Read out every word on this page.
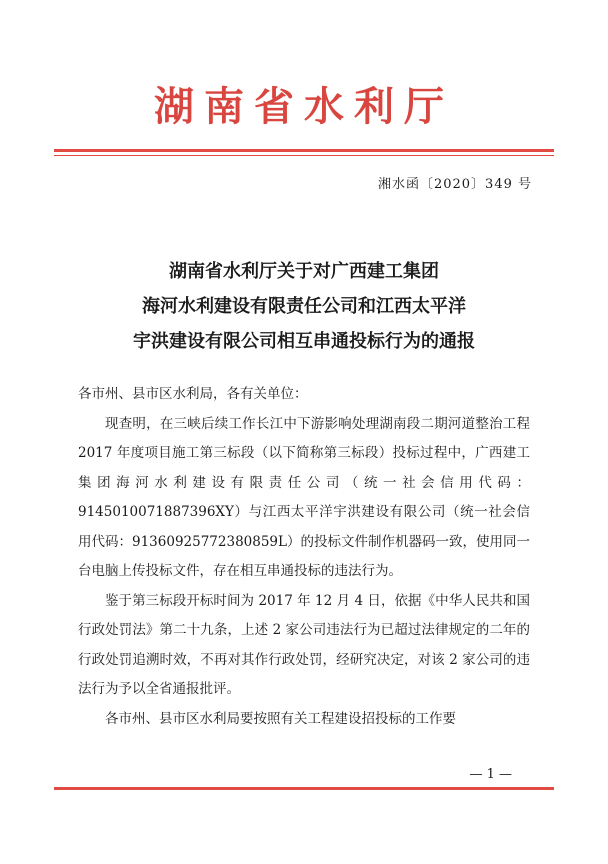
湖南省水利厅
湘水函〔2020〕349 号
湖南省水利厅关于对广西建工集团
海河水利建设有限责任公司和江西太平洋
宇洪建设有限公司相互串通投标行为的通报

各市州、县市区水利局，各有关单位：

现查明，在三峡后续工作长江中下游影响处理湖南段二期河道整治工程 2017 年度项目施工第三标段（以下简称第三标段）投标过程中，广西建工集团海河水利建设有限责任公司（统一社会信用代码：9145010071887396XY）与江西太平洋宇洪建设有限公司（统一社会信用代码：91360925772380859L）的投标文件制作机器码一致，使用同一台电脑上传投标文件，存在相互串通投标的违法行为。

鉴于第三标段开标时间为 2017 年 12 月 4 日，依据《中华人民共和国行政处罚法》第二十九条，上述 2 家公司违法行为已超过法律规定的二年的行政处罚追溯时效，不再对其作行政处罚，经研究决定，对该 2 家公司的违法行为予以全省通报批评。

各市州、县市区水利局要按照有关工程建设招投标的工作要

— 1 —
